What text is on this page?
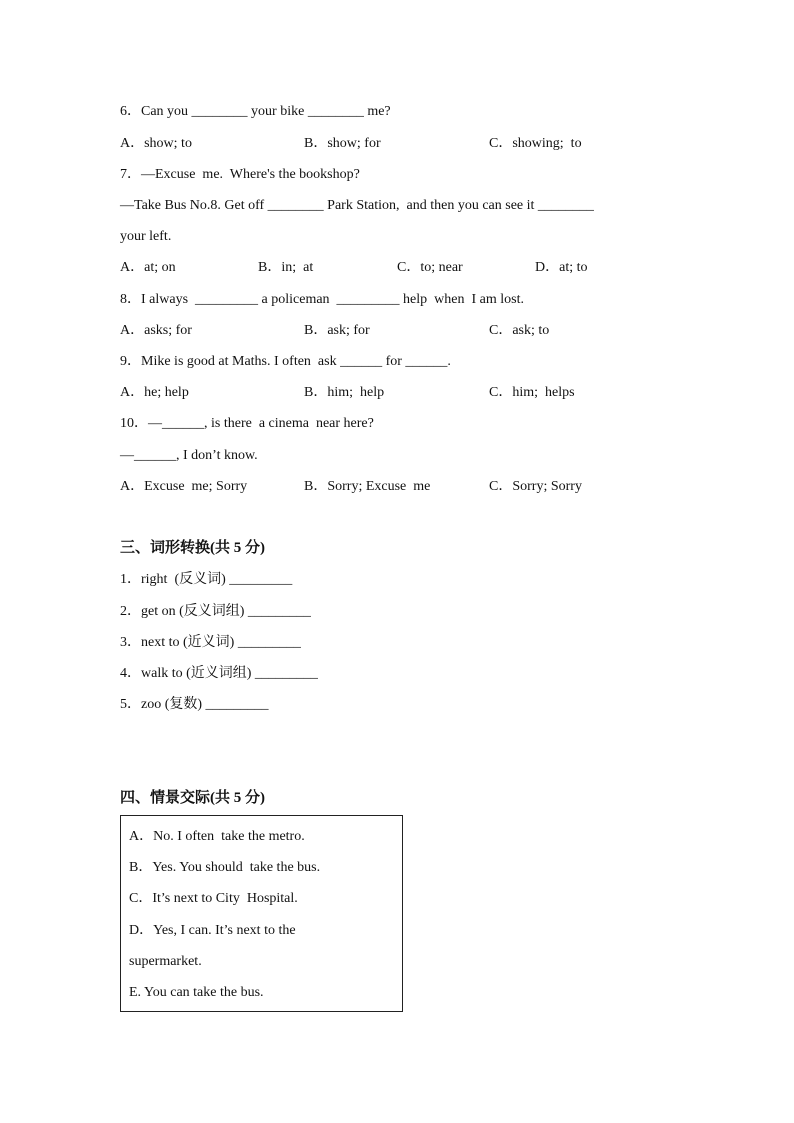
6．Can you ________ your bike ________ me?
A．show; to	B．show; for	C．showing;  to
7．—Excuse  me.  Where's the bookshop?
—Take Bus No.8. Get off ________ Park Station,  and then you can see it ________
your left.
A．at; on	B．in;  at	C．to; near	D．at; to
8．I always  _________ a policeman  _________ help  when  I am lost.
A．asks; for	B．ask; for	C．ask; to
9．Mike is good at Maths. I often  ask ______ for ______.
A．he; help	B．him;  help	C．him;  helps
10．—______, is there  a cinema  near here?
—______, I don’t know.
A．Excuse  me; Sorry	B．Sorry; Excuse  me	C．Sorry; Sorry
三、词形转换(共 5 分)
1．right  (反义词) _________
2．get on (反义词组) _________
3．next to (近义词) _________
4．walk to (近义词组) _________
5．zoo (复数) _________
四、情景交际(共 5 分)
A．No. I often  take the metro.
B．Yes. You should  take the bus.
C．It’s next to City  Hospital.
D．Yes, I can. It’s next to the
supermarket.
E. You can take the bus.
